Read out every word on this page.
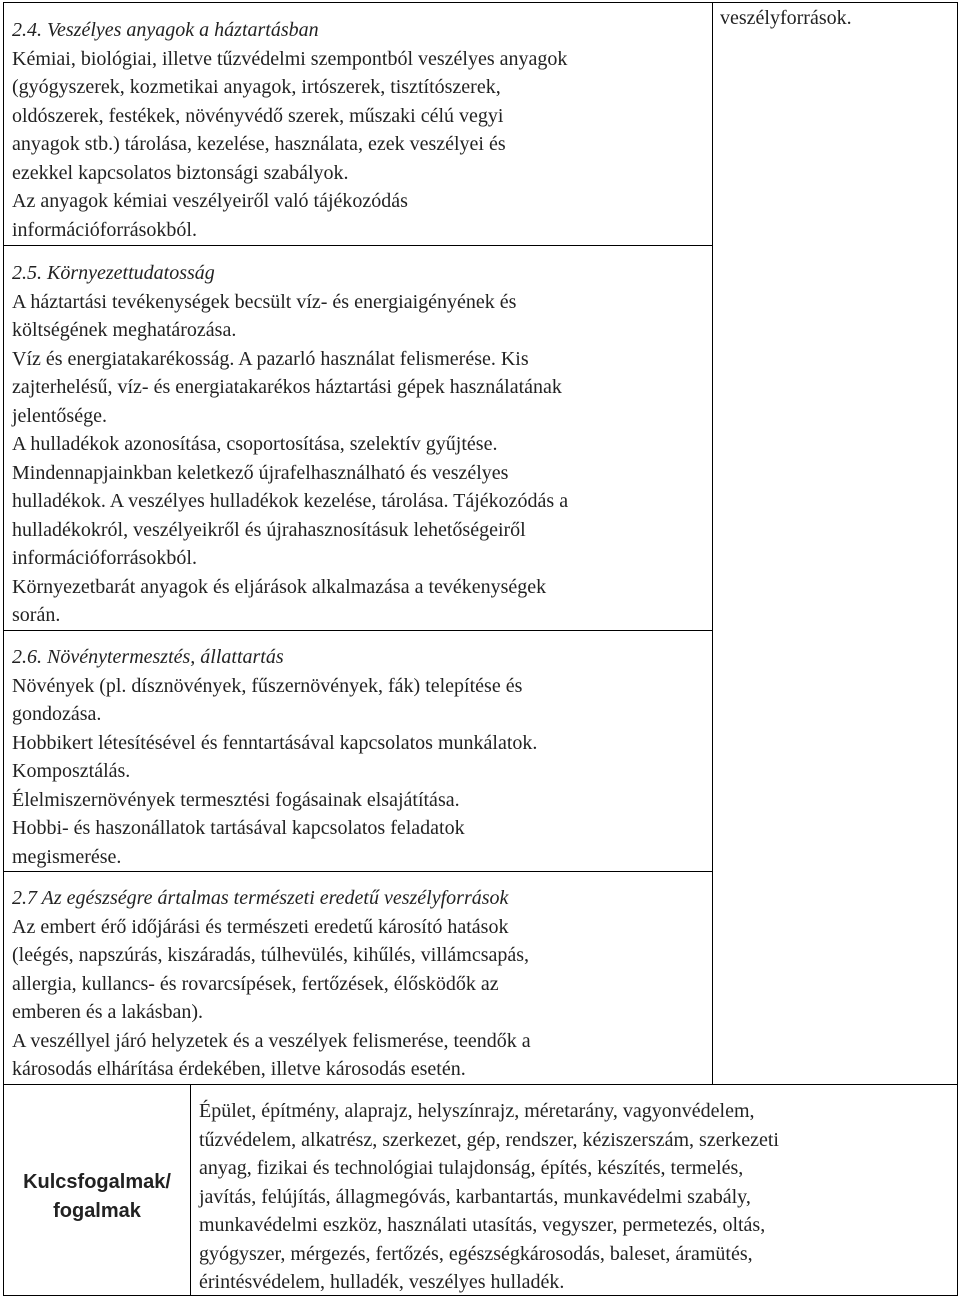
2.4. Veszélyes anyagok a háztartásban

Kémiai, biológiai, illetve tűzvédelmi szempontból veszélyes anyagok

(gyógyszerek, kozmetikai anyagok, irtószerek, tisztítószerek,

oldószerek, festékek, növényvédő szerek, műszaki célú vegyi

anyagok stb.) tárolása, kezelése, használata, ezek veszélyei és

ezekkel kapcsolatos biztonsági szabályok.

Az anyagok kémiai veszélyeiről való tájékozódás

információforrásokból.

2.5. Környezettudatosság

A háztartási tevékenységek becsült víz- és energiaigényének és

költségének meghatározása.

Víz és energiatakarékosság. A pazarló használat felismerése. Kis

zajterhelésű, víz- és energiatakarékos háztartási gépek használatának

jelentősége.

A hulladékok azonosítása, csoportosítása, szelektív gyűjtése.

Mindennapjainkban keletkező újrafelhasználható és veszélyes

hulladékok. A veszélyes hulladékok kezelése, tárolása. Tájékozódás a

hulladékokról, veszélyeikről és újrahasznosításuk lehetőségeiről

információforrásokból.

Környezetbarát anyagok és eljárások alkalmazása a tevékenységek

során.

2.6. Növénytermesztés, állattartás

Növények (pl. dísznövények, fűszernövények, fák) telepítése és

gondozása.

Hobbikert létesítésével és fenntartásával kapcsolatos munkálatok.

Komposztálás.

Élelmiszernövények termesztési fogásainak elsajátítása.

Hobbi- és haszonállatok tartásával kapcsolatos feladatok

megismerése.

2.7 Az egészségre ártalmas természeti eredetű veszélyforrások

Az embert érő időjárási és természeti eredetű károsító hatások

(leégés, napszúrás, kiszáradás, túlhevülés, kihűlés, villámcsapás,

allergia, kullancs- és rovarcsípések, fertőzések, élősködők az

emberen és a lakásban).

A veszéllyel járó helyzetek és a veszélyek felismerése, teendők a

károsodás elhárítása érdekében, illetve károsodás esetén.

veszélyforrások.
Kulcsfogalmak/
fogalmak
Épület, építmény, alaprajz, helyszínrajz, méretarány, vagyonvédelem,
tűzvédelem, alkatrész, szerkezet, gép, rendszer, kéziszerszám, szerkezeti
anyag, fizikai és technológiai tulajdonság, építés, készítés, termelés,
javítás, felújítás, állagmegóvás, karbantartás, munkavédelmi szabály,
munkavédelmi eszköz, használati utasítás, vegyszer, permetezés, oltás,
gyógyszer, mérgezés, fertőzés, egészségkárosodás, baleset, áramütés,
érintésvédelem, hulladék, veszélyes hulladék.
